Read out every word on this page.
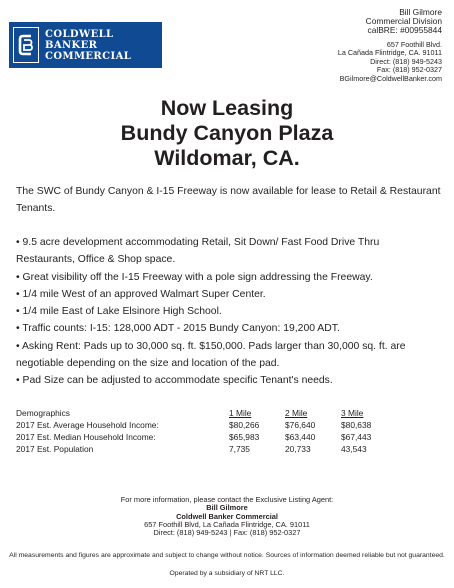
COLDWELL
BANKER
COMMERCIAL
Bill Gilmore
Commercial Division
calBRE: #00955844
657 Foothill Blvd.
La Cañada Flintridge, CA. 91011
Direct: (818) 949-5243
Fax: (818) 952-0327
BGilmore@ColdwellBanker.com
Now Leasing
Bundy Canyon Plaza
Wildomar, CA.
The SWC of Bundy Canyon & I-15 Freeway is now available for lease to Retail & Restaurant Tenants.

• 9.5 acre development accommodating Retail, Sit Down/ Fast Food Drive Thru Restaurants, Office & Shop space.

• Great visibility off the I-15 Freeway with a pole sign addressing the Freeway.

• 1/4 mile West of an approved Walmart Super Center.

• 1/4 mile East of Lake Elsinore High School.

• Traffic counts: I-15: 128,000 ADT - 2015 Bundy Canyon: 19,200 ADT.

• Asking Rent: Pads up to 30,000 sq. ft. $150,000. Pads larger than 30,000 sq. ft. are negotiable depending on the size and location of the pad.

• Pad Size can be adjusted to accommodate specific Tenant's needs.

Demographics	1 Mile	2 Mile	3 Mile
2017 Est. Average Household Income:	$80,266	$76,640	$80,638
2017 Est. Median Household Income:	$65,983	$63,440	$67,443
2017 Est. Population	7,735	20,733	43,543
For more information, please contact the Exclusive Listing Agent:
Bill Gilmore
Coldwell Banker Commercial
657 Foothill Blvd, La Cañada Flintridge, CA. 91011
Direct: (818) 949-5243 | Fax: (818) 952-0327
All measurements and figures are approximate and subject to change without notice. Sources of information deemed reliable but not guaranteed.
Operated by a subsidiary of NRT LLC.
